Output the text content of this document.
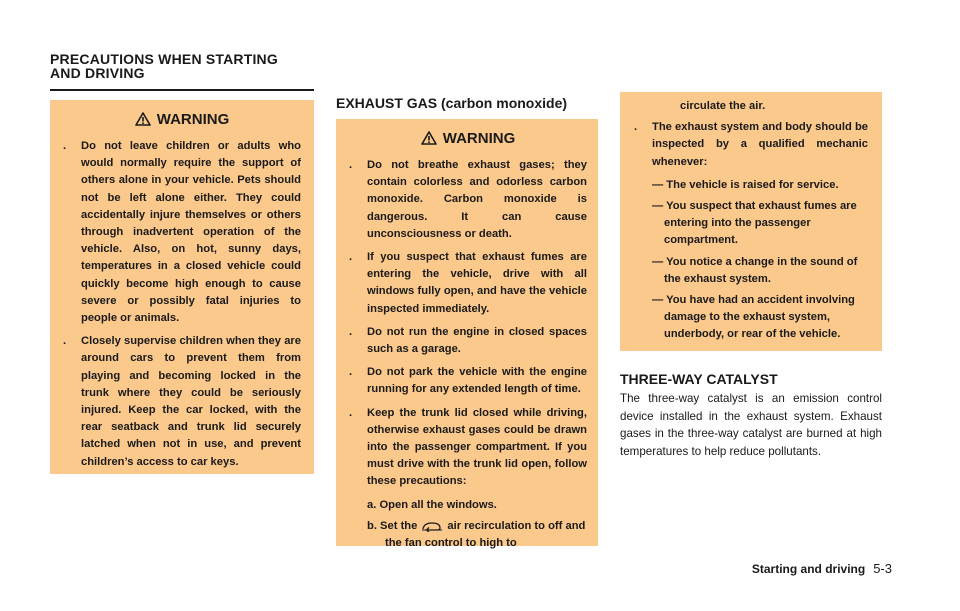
PRECAUTIONS WHEN STARTING
AND DRIVING
WARNING
.	Do not leave children or adults who would normally require the support of others alone in your vehicle. Pets should not be left alone either. They could accidentally injure themselves or others through inadvertent operation of the vehicle. Also, on hot, sunny days, temperatures in a closed vehicle could quickly become high enough to cause severe or possibly fatal injuries to people or animals.
.	Closely supervise children when they are around cars to prevent them from playing and becoming locked in the trunk where they could be seriously injured. Keep the car locked, with the rear seatback and trunk lid securely latched when not in use, and prevent children’s access to car keys.
EXHAUST GAS (carbon monoxide)
WARNING
.	Do not breathe exhaust gases; they contain colorless and odorless carbon monoxide. Carbon monoxide is dangerous. It can cause unconsciousness or death.
.	If you suspect that exhaust fumes are entering the vehicle, drive with all windows fully open, and have the vehicle inspected immediately.
.	Do not run the engine in closed spaces such as a garage.
.	Do not park the vehicle with the engine running for any extended length of time.
.	Keep the trunk lid closed while driving, otherwise exhaust gases could be drawn into the passenger compartment. If you must drive with the trunk lid open, follow these precautions:

a. Open all the windows.

b. Set the	air recirculation to off and the fan control to high to

circulate the air.

.	The exhaust system and body should be inspected by a qualified mechanic whenever:

— The vehicle is raised for service.

— You suspect that exhaust fumes are entering into the passenger compartment.

— You notice a change in the sound of the exhaust system.

— You have had an accident involving damage to the exhaust system, underbody, or rear of the vehicle.

THREE-WAY CATALYST

The three-way catalyst is an emission control device installed in the exhaust system. Exhaust gases in the three-way catalyst are burned at high temperatures to help reduce pollutants.

Starting and driving 5-3
